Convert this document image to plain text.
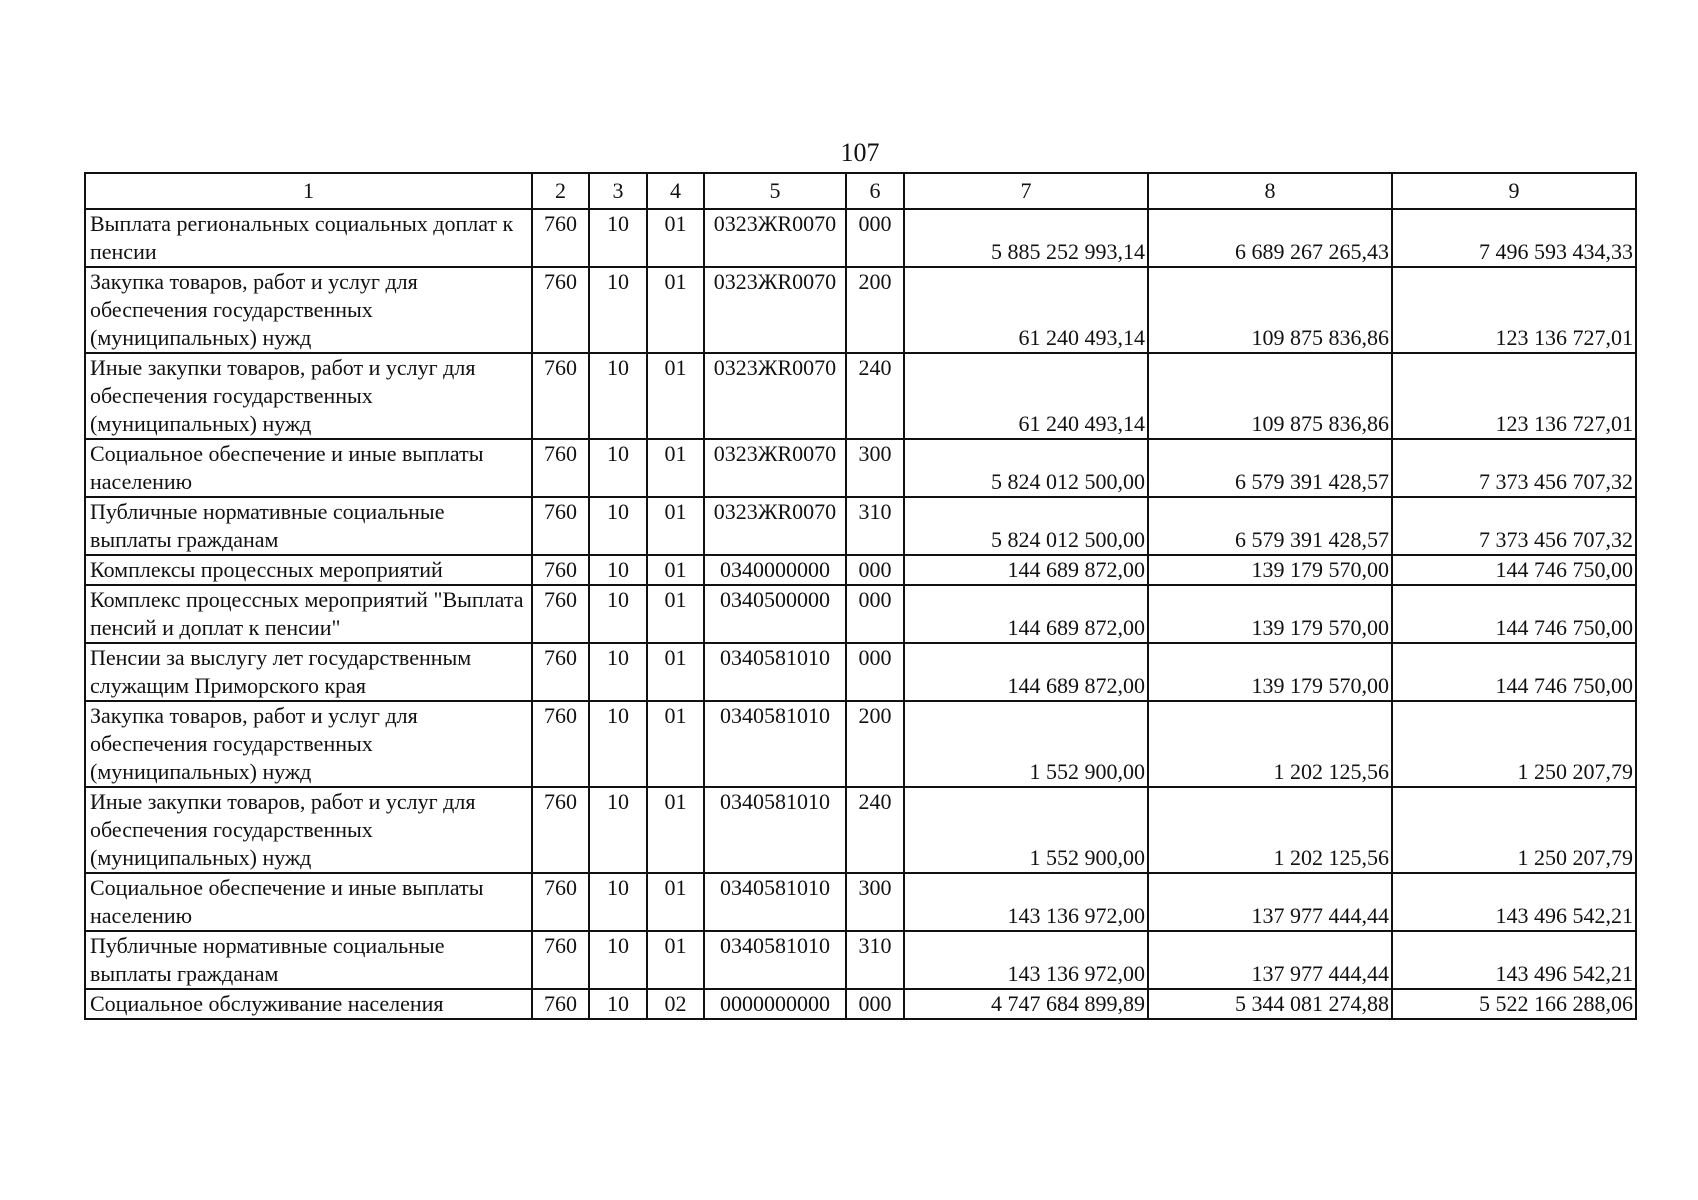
107
1	2	3	4	5	6	7	8	9
Выплата региональных социальных доплат к пенсии	760	10	01	0323ЖR0070	000	5 885 252 993,14	6 689 267 265,43	7 496 593 434,33
Закупка товаров, работ и услуг для обеспечения государственных (муниципальных) нужд	760	10	01	0323ЖR0070	200	61 240 493,14	109 875 836,86	123 136 727,01
Иные закупки товаров, работ и услуг для обеспечения государственных (муниципальных) нужд	760	10	01	0323ЖR0070	240	61 240 493,14	109 875 836,86	123 136 727,01
Социальное обеспечение и иные выплаты населению	760	10	01	0323ЖR0070	300	5 824 012 500,00	6 579 391 428,57	7 373 456 707,32
Публичные нормативные социальные выплаты гражданам	760	10	01	0323ЖR0070	310	5 824 012 500,00	6 579 391 428,57	7 373 456 707,32
Комплексы процессных мероприятий	760	10	01	0340000000	000	144 689 872,00	139 179 570,00	144 746 750,00
Комплекс процессных мероприятий "Выплата пенсий и доплат к пенсии"	760	10	01	0340500000	000	144 689 872,00	139 179 570,00	144 746 750,00
Пенсии за выслугу лет государственным служащим Приморского края	760	10	01	0340581010	000	144 689 872,00	139 179 570,00	144 746 750,00
Закупка товаров, работ и услуг для обеспечения государственных (муниципальных) нужд	760	10	01	0340581010	200	1 552 900,00	1 202 125,56	1 250 207,79
Иные закупки товаров, работ и услуг для обеспечения государственных (муниципальных) нужд	760	10	01	0340581010	240	1 552 900,00	1 202 125,56	1 250 207,79
Социальное обеспечение и иные выплаты населению	760	10	01	0340581010	300	143 136 972,00	137 977 444,44	143 496 542,21
Публичные нормативные социальные выплаты гражданам	760	10	01	0340581010	310	143 136 972,00	137 977 444,44	143 496 542,21
Социальное обслуживание населения	760	10	02	0000000000	000	4 747 684 899,89	5 344 081 274,88	5 522 166 288,06
